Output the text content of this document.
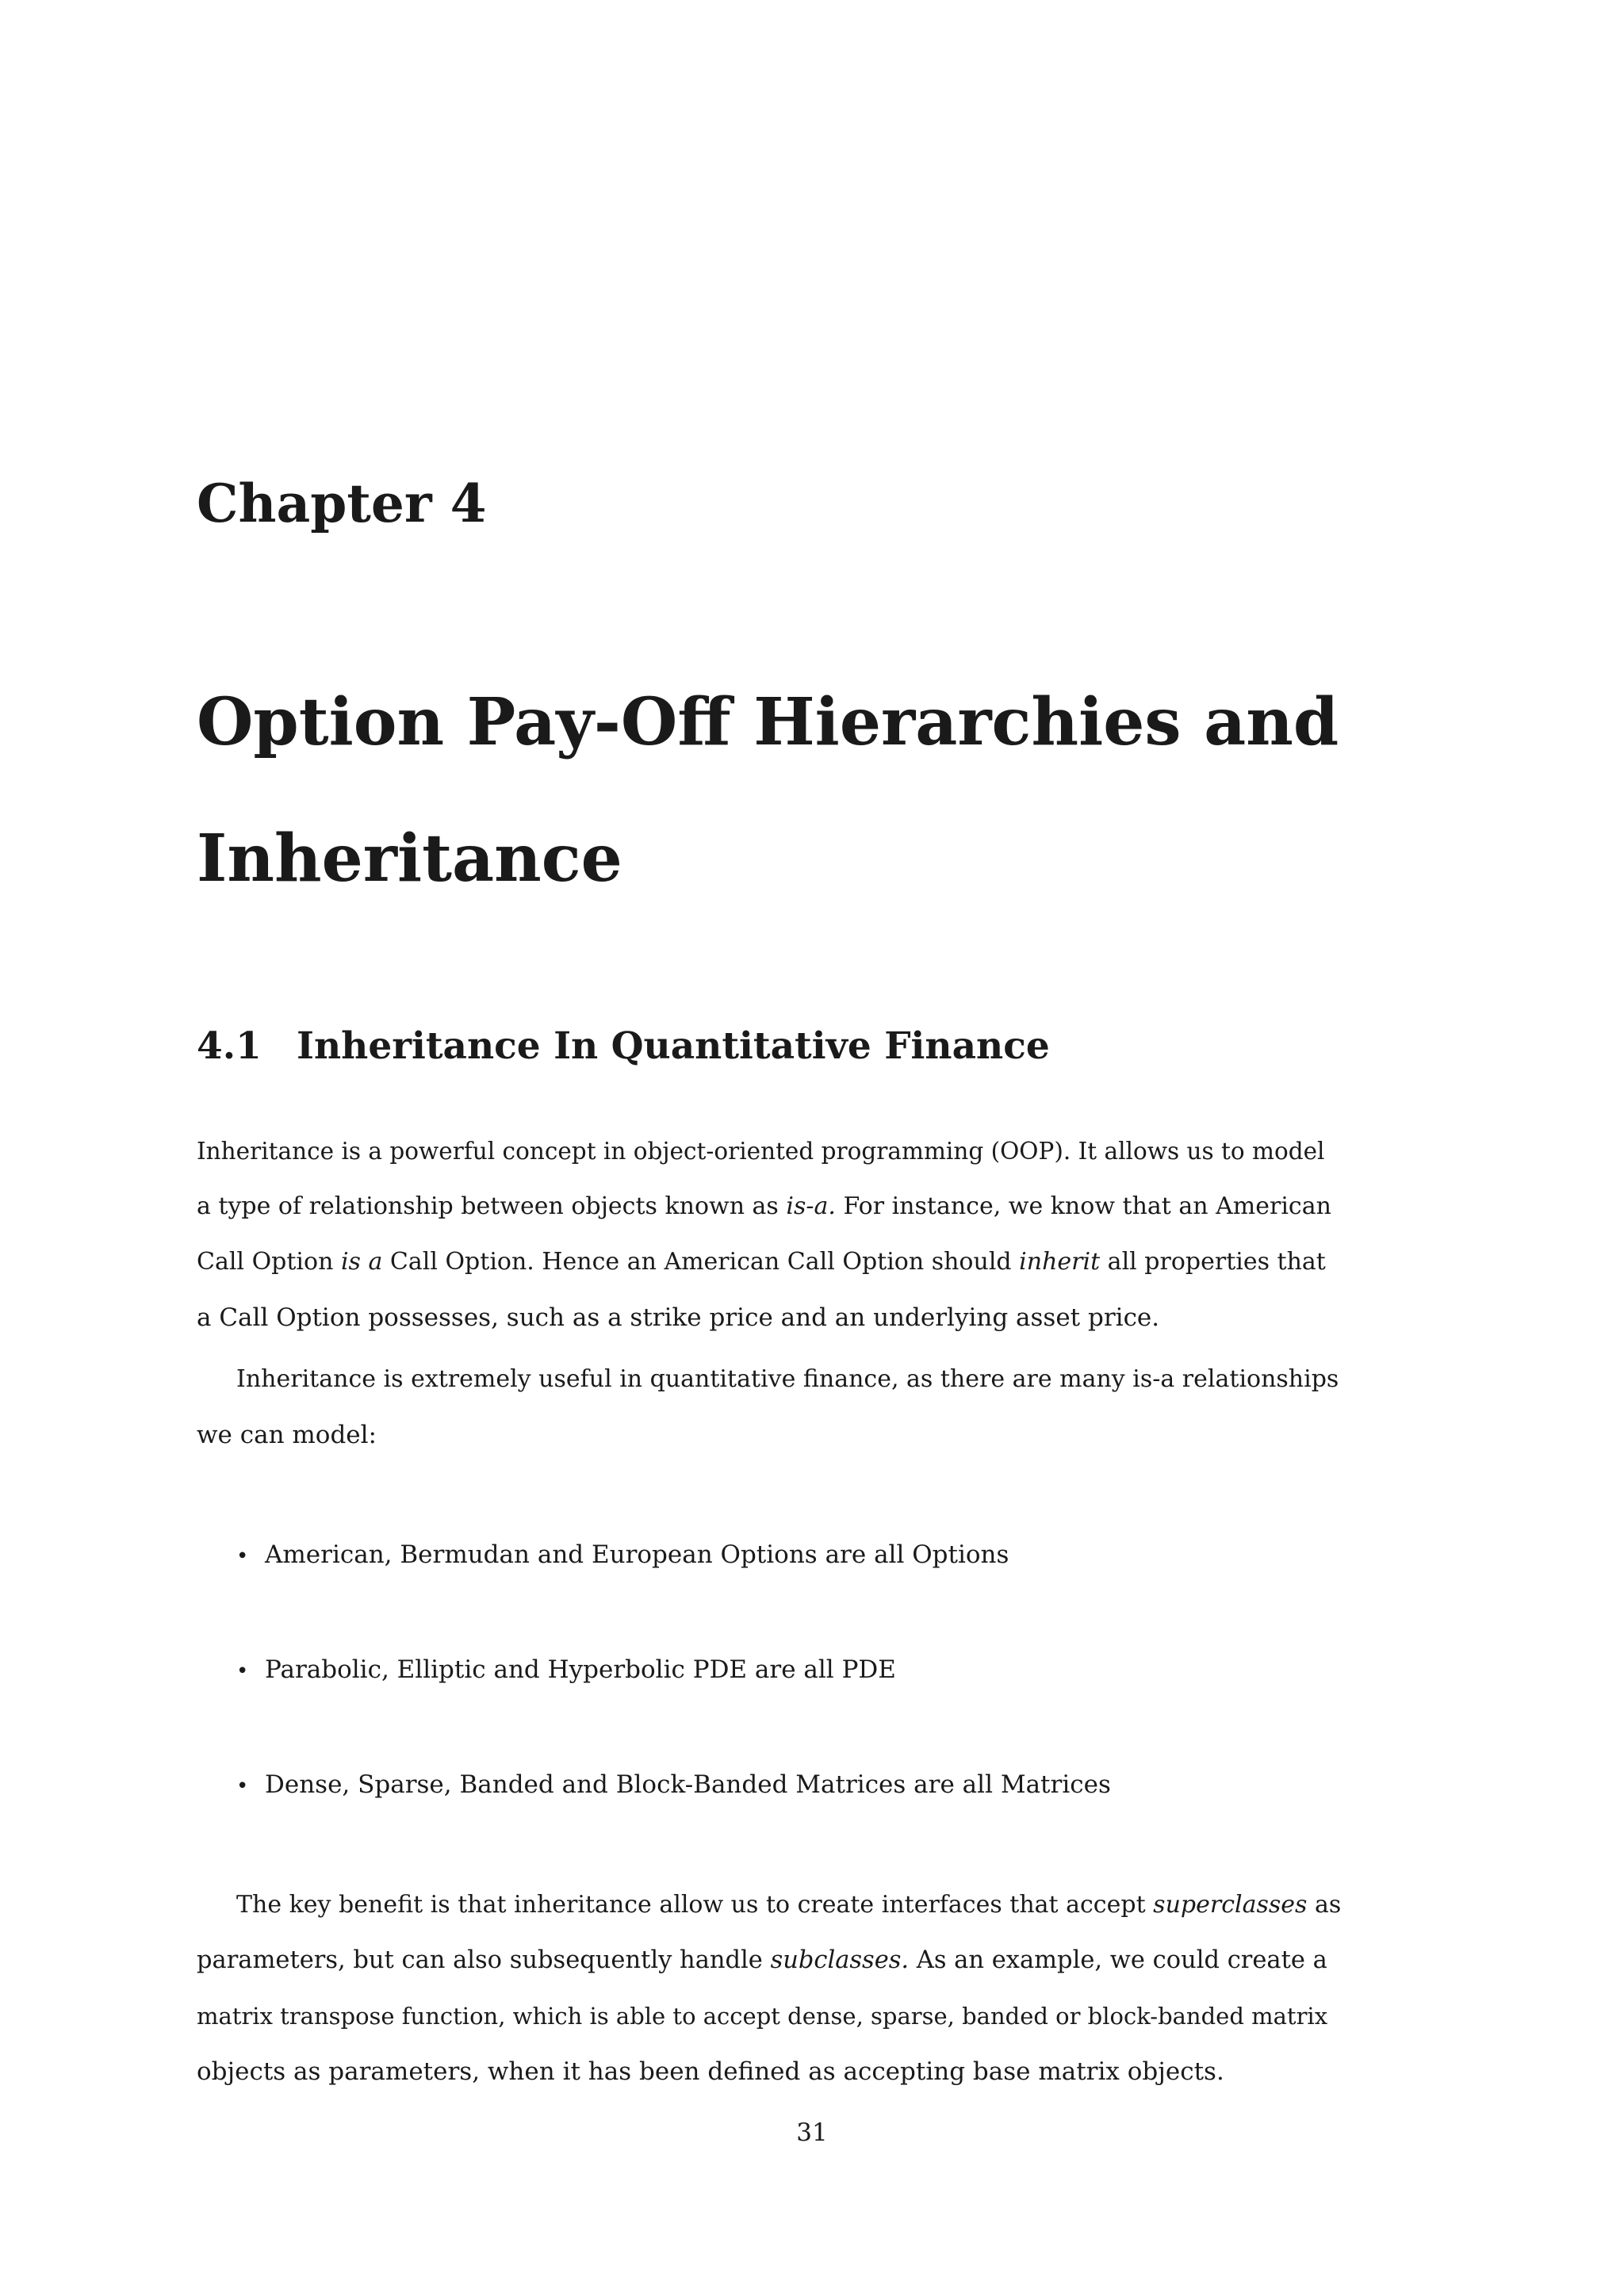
Chapter 4
Option Pay-Off Hierarchies and
Inheritance
4.1 Inheritance In Quantitative Finance
Inheritance is a powerful concept in object-oriented programming (OOP). It allows us to model
a type of relationship between objects known as is-a. For instance, we know that an American
Call Option is a Call Option. Hence an American Call Option should inherit all properties that
a Call Option possesses, such as a strike price and an underlying asset price.
Inheritance is extremely useful in quantitative finance, as there are many is-a relationships
we can model:
• American, Bermudan and European Options are all Options
• Parabolic, Elliptic and Hyperbolic PDE are all PDE
• Dense, Sparse, Banded and Block-Banded Matrices are all Matrices
The key benefit is that inheritance allow us to create interfaces that accept superclasses as
parameters, but can also subsequently handle subclasses. As an example, we could create a
matrix transpose function, which is able to accept dense, sparse, banded or block-banded matrix
objects as parameters, when it has been defined as accepting base matrix objects.
31
